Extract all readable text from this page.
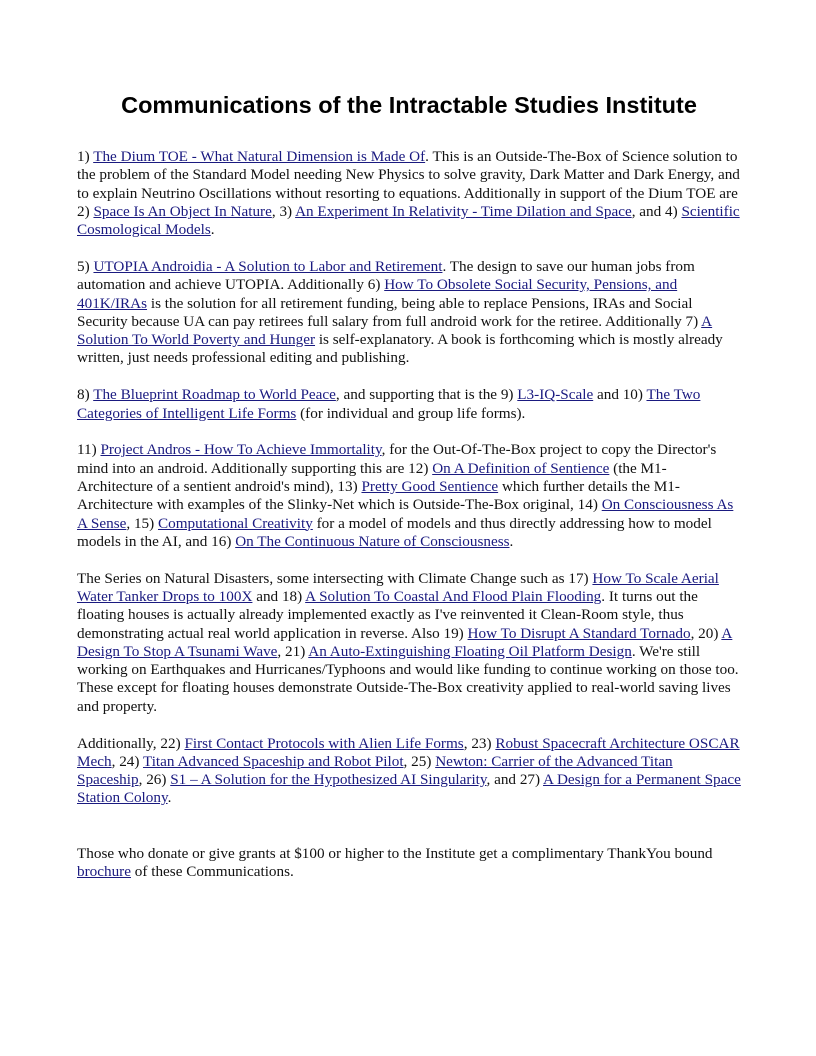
Communications of the Intractable Studies Institute

1) The Dium TOE - What Natural Dimension is Made Of. This is an Outside-The-Box of Science solution to the problem of the Standard Model needing New Physics to solve gravity, Dark Matter and Dark Energy, and to explain Neutrino Oscillations without resorting to equations. Additionally in support of the Dium TOE are 2) Space Is An Object In Nature, 3) An Experiment In Relativity - Time Dilation and Space, and 4) Scientific Cosmological Models.

5) UTOPIA Androidia - A Solution to Labor and Retirement. The design to save our human jobs from automation and achieve UTOPIA. Additionally 6) How To Obsolete Social Security, Pensions, and 401K/IRAs is the solution for all retirement funding, being able to replace Pensions, IRAs and Social Security because UA can pay retirees full salary from full android work for the retiree. Additionally 7) A Solution To World Poverty and Hunger is self-explanatory. A book is forthcoming which is mostly already written, just needs professional editing and publishing.

8) The Blueprint Roadmap to World Peace, and supporting that is the 9) L3-IQ-Scale and 10) The Two Categories of Intelligent Life Forms (for individual and group life forms).

11) Project Andros - How To Achieve Immortality, for the Out-Of-The-Box project to copy the Director's mind into an android. Additionally supporting this are 12) On A Definition of Sentience (the M1-Architecture of a sentient android's mind), 13) Pretty Good Sentience which further details the M1-Architecture with examples of the Slinky-Net which is Outside-The-Box original, 14) On Consciousness As A Sense, 15) Computational Creativity for a model of models and thus directly addressing how to model models in the AI, and 16) On The Continuous Nature of Consciousness.

The Series on Natural Disasters, some intersecting with Climate Change such as 17) How To Scale Aerial Water Tanker Drops to 100X and 18) A Solution To Coastal And Flood Plain Flooding. It turns out the floating houses is actually already implemented exactly as I've reinvented it Clean-Room style, thus demonstrating actual real world application in reverse. Also 19) How To Disrupt A Standard Tornado, 20) A Design To Stop A Tsunami Wave, 21) An Auto-Extinguishing Floating Oil Platform Design. We're still working on Earthquakes and Hurricanes/Typhoons and would like funding to continue working on those too. These except for floating houses demonstrate Outside-The-Box creativity applied to real-world saving lives and property.

Additionally, 22) First Contact Protocols with Alien Life Forms, 23) Robust Spacecraft Architecture OSCAR Mech, 24) Titan Advanced Spaceship and Robot Pilot, 25) Newton: Carrier of the Advanced Titan Spaceship, 26) S1 – A Solution for the Hypothesized AI Singularity, and 27) A Design for a Permanent Space Station Colony.

Those who donate or give grants at $100 or higher to the Institute get a complimentary ThankYou bound brochure of these Communications.
